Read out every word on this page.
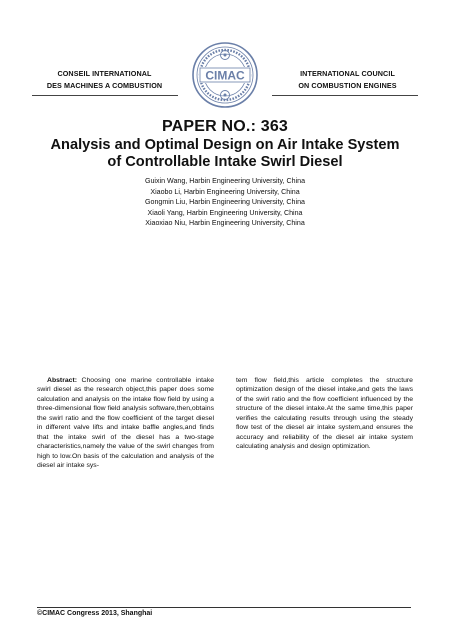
CONSEIL INTERNATIONAL
DES MACHINES A COMBUSTION
CIMAC	INTERNATIONAL COUNCIL
ON COMBUSTION ENGINES
PAPER NO.: 363
Analysis and Optimal Design on Air Intake System
of Controllable Intake Swirl Diesel
Guixin Wang, Harbin Engineering University, China
Xiaobo Li, Harbin Engineering University, China
Gongmin Liu, Harbin Engineering University, China
Xiaoli Yang, Harbin Engineering University, China
Xiaoxiao Niu, Harbin Engineering University, China
Abstract: Choosing one marine controllable intake swirl diesel as the research object,this paper does some calculation and analysis on the intake flow field by using a three-dimensional flow field analysis software,then,obtains the swirl ratio and the flow coefficient of the target diesel in different valve lifts and intake baffle angles,and finds that the intake swirl of the diesel has a two-stage characteristics,namely the value of the swirl changes from high to low.On basis of the calculation and analysis of the diesel air intake sys-
tem flow field,this article completes the structure optimization design of the diesel intake,and gets the laws of the swirl ratio and the flow coefficient influenced by the structure of the diesel intake.At the same time,this paper verifies the calculating results through using the steady flow test of the diesel air intake system,and ensures the accuracy and reliability of the diesel air intake system calculating analysis and design optimization.
©CIMAC Congress 2013, Shanghai
